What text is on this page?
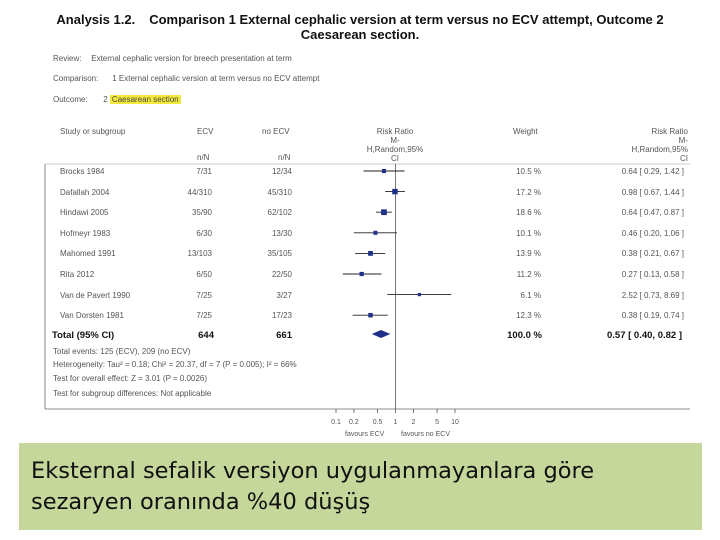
Analysis 1.2. Comparison 1 External cephalic version at term versus no ECV attempt, Outcome 2
Caesarean section.
Review: External cephalic version for breech presentation at term
Comparison: 1 External cephalic version at term versus no ECV attempt
Outcome: 2 Caesarean section
Study or subgroup	ECV	no ECV
n/N	n/N
Risk Ratio
M-
H,Random,95%
CI
Weight	Risk Ratio
M-
H,Random,95%
CI
Brocks 1984	7/31	12/34	10.5 %	0.64 [ 0.29, 1.42 ]
Dafallah 2004	44/310	45/310	17.2 %	0.98 [ 0.67, 1.44 ]
Hindawi 2005	35/90	62/102	18.6 %	0.64 [ 0.47, 0.87 ]
Hofmeyr 1983	6/30	13/30	10.1 %	0.46 [ 0.20, 1.06 ]
Mahomed 1991	13/103	35/105	13.9 %	0.38 [ 0.21, 0.67 ]
Rita 2012	6/50	22/50	11.2 %	0.27 [ 0.13, 0.58 ]
Van de Pavert 1990	7/25	3/27	6.1 %	2.52 [ 0.73, 8.69 ]
Van Dorsten 1981	7/25	17/23	12.3 %	0.38 [ 0.19, 0.74 ]
Total (95% CI)	644	661	100.0 %	0.57 [ 0.40, 0.82 ]
Total events: 125 (ECV), 209 (no ECV)
Heterogeneity: Tau² = 0.18; Chi² = 20.37, df = 7 (P = 0.005); I² = 66%
Test for overall effect: Z = 3.01 (P = 0.0026)
Test for subgroup differences: Not applicable
0.1 0.2 0.5 1 2	5 10
favours ECV favours no ECV
Eksternal sefalik versiyon uygulanmayanlara göre
sezaryen oranında %40 düşüş
